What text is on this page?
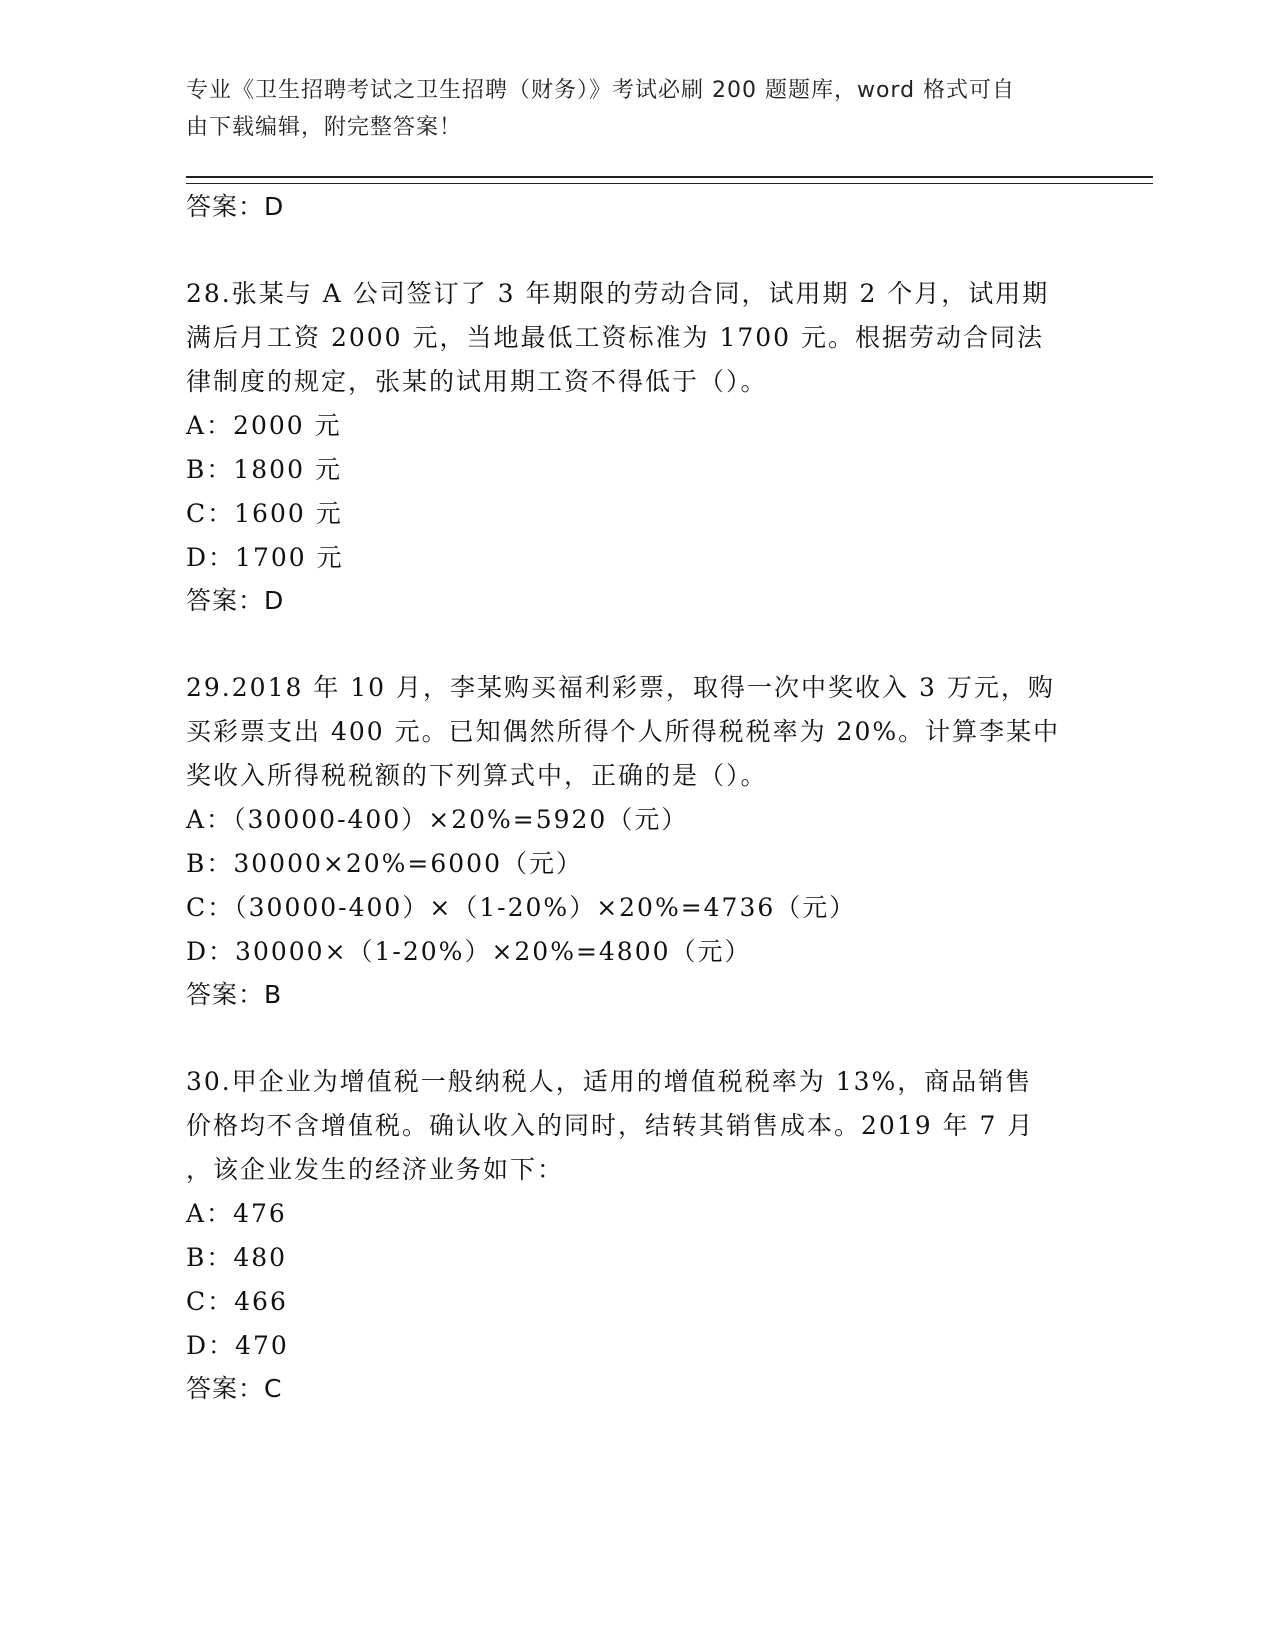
专业《卫生招聘考试之卫生招聘（财务）》考试必刷 200 题题库，word 格式可自
由下载编辑，附完整答案！
答案：D
28.张某与 A 公司签订了 3 年期限的劳动合同，试用期 2 个月，试用期
满后月工资 2000 元，当地最低工资标准为 1700 元。根据劳动合同法
律制度的规定，张某的试用期工资不得低于（）。
A：2000 元
B：1800 元
C：1600 元
D：1700 元
答案：D
29.2018 年 10 月，李某购买福利彩票，取得一次中奖收入 3 万元，购
买彩票支出 400 元。已知偶然所得个人所得税税率为 20%。计算李某中
奖收入所得税税额的下列算式中，正确的是（）。
A：（30000-400）×20%=5920（元）
B：30000×20%=6000（元）
C：（30000-400）×（1-20%）×20%=4736（元）
D：30000×（1-20%）×20%=4800（元）
答案：B
30.甲企业为增值税一般纳税人，适用的增值税税率为 13%，商品销售
价格均不含增值税。确认收入的同时，结转其销售成本。2019 年 7 月
，该企业发生的经济业务如下：
A：476
B：480
C：466
D：470
答案：C
